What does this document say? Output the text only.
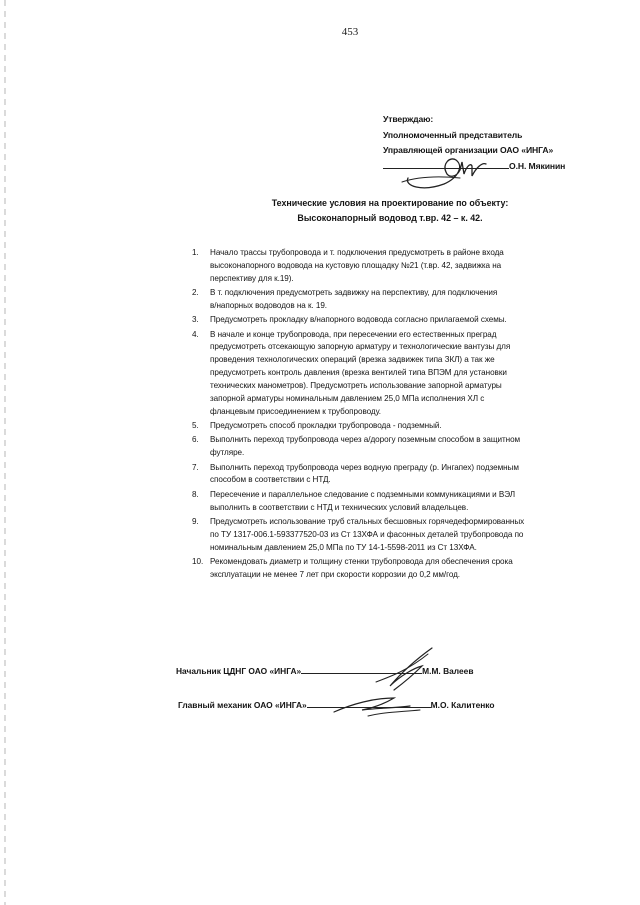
453
Утверждаю:
Уполномоченный представитель
Управляющей организации ОАО «ИНГА»
О.Н. Мякинин
Технические условия на проектирование по объекту:
Высоконапорный водовод т.вр. 42 – к. 42.
1.	Начало трассы трубопровода и т. подключения предусмотреть в районе входа
высоконапорного водовода на кустовую площадку №21 (т.вр. 42, задвижка на
перспективу для к.19).
2.	В т. подключения предусмотреть задвижку на перспективу, для подключения
в/напорных водоводов на к. 19.
3.	Предусмотреть прокладку в/напорного водовода согласно прилагаемой схемы.
4.	В начале и конце трубопровода, при пересечении его естественных преград
предусмотреть отсекающую запорную арматуру и технологические вантузы для
проведения технологических операций (врезка задвижек типа ЗКЛ) а так же
предусмотреть контроль давления (врезка вентилей типа ВПЭМ для установки
технических манометров). Предусмотреть использование запорной арматуры
запорной арматуры номинальным давлением 25,0 МПа исполнения ХЛ с
фланцевым присоединением к трубопроводу.
5.	Предусмотреть способ прокладки трубопровода - подземный.
6.	Выполнить переход трубопровода через а/дорогу поземным способом в защитном
футляре.
7.	Выполнить переход трубопровода через водную преграду (р. Ингапех) подземным
способом в соответствии с НТД.
8.	Пересечение и параллельное следование с подземными коммуникациями и ВЭЛ
выполнить в соответствии с НТД и технических условий владельцев.
9.	Предусмотреть использование труб стальных бесшовных горячедеформированных
по ТУ 1317-006.1-593377520-03 из Ст 13ХФА и фасонных деталей трубопровода по
номинальным давлением 25,0 МПа по ТУ 14-1-5598-2011 из Ст 13ХФА.
10. Рекомендовать диаметр и толщину стенки трубопровода для обеспечения срока
эксплуатации не менее 7 лет при скорости коррозии до 0,2 мм/год.
Начальник ЦДНГ ОАО «ИНГА»	М.М. Валеев
Главный механик ОАО «ИНГА»	М.О. Калитенко
